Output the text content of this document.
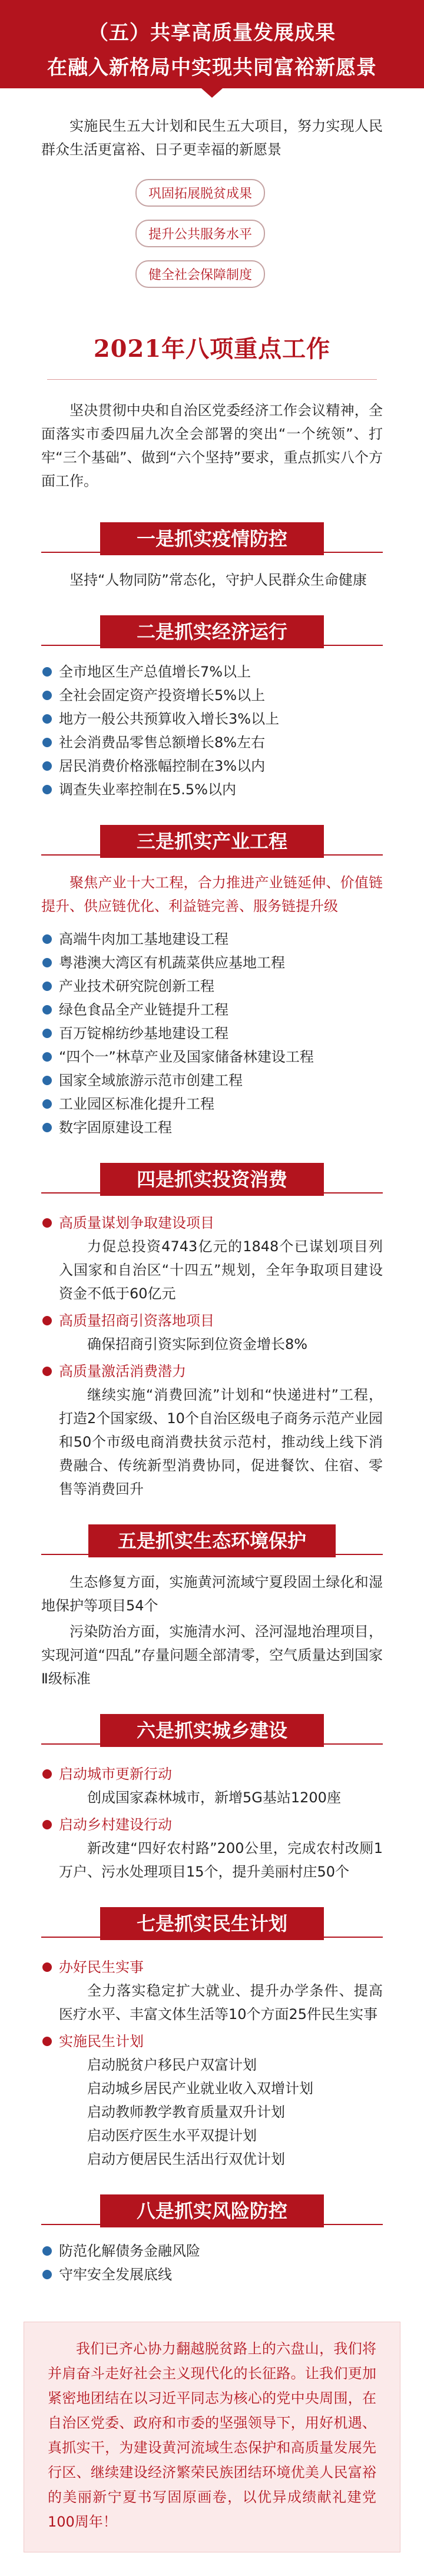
（五）共享高质量发展成果
在融入新格局中实现共同富裕新愿景
实施民生五大计划和民生五大项目，努力实现人民群众生活更富裕、日子更幸福的新愿景
巩固拓展脱贫成果
提升公共服务水平
健全社会保障制度
2021年八项重点工作
坚决贯彻中央和自治区党委经济工作会议精神，全面落实市委四届九次全会部署的突出“一个统领”、打牢“三个基础”、做到“六个坚持”要求，重点抓实八个方面工作。
一是抓实疫情防控
坚持“人物同防”常态化，守护人民群众生命健康
二是抓实经济运行
全市地区生产总值增长7%以上
全社会固定资产投资增长5%以上
地方一般公共预算收入增长3%以上
社会消费品零售总额增长8%左右
居民消费价格涨幅控制在3%以内
调查失业率控制在5.5%以内
三是抓实产业工程
聚焦产业十大工程，合力推进产业链延伸、价值链提升、供应链优化、利益链完善、服务链提升级
高端牛肉加工基地建设工程
粤港澳大湾区有机蔬菜供应基地工程
产业技术研究院创新工程
绿色食品全产业链提升工程
百万锭棉纺纱基地建设工程
“四个一”林草产业及国家储备林建设工程
国家全域旅游示范市创建工程
工业园区标准化提升工程
数字固原建设工程
四是抓实投资消费
高质量谋划争取建设项目
力促总投资4743亿元的1848个已谋划项目列入国家和自治区“十四五”规划，全年争取项目建设资金不低于60亿元
高质量招商引资落地项目
确保招商引资实际到位资金增长8%
高质量激活消费潜力
继续实施“消费回流”计划和“快递进村”工程，打造2个国家级、10个自治区级电子商务示范产业园和50个市级电商消费扶贫示范村，推动线上线下消费融合、传统新型消费协同，促进餐饮、住宿、零售等消费回升
五是抓实生态环境保护
生态修复方面，实施黄河流域宁夏段固土绿化和湿地保护等项目54个
污染防治方面，实施清水河、泾河湿地治理项目，实现河道“四乱”存量问题全部清零，空气质量达到国家Ⅱ级标准
六是抓实城乡建设
启动城市更新行动
创成国家森林城市，新增5G基站1200座
启动乡村建设行动
新改建“四好农村路”200公里，完成农村改厕1万户、污水处理项目15个，提升美丽村庄50个
七是抓实民生计划
办好民生实事
全力落实稳定扩大就业、提升办学条件、提高医疗水平、丰富文体生活等10个方面25件民生实事
实施民生计划
启动脱贫户移民户双富计划
启动城乡居民产业就业收入双增计划
启动教师教学教育质量双升计划
启动医疗医生水平双提计划
启动方便居民生活出行双优计划
八是抓实风险防控
防范化解债务金融风险
守牢安全发展底线
我们已齐心协力翻越脱贫路上的六盘山，我们将并肩奋斗走好社会主义现代化的长征路。让我们更加紧密地团结在以习近平同志为核心的党中央周围，在自治区党委、政府和市委的坚强领导下，用好机遇、真抓实干，为建设黄河流域生态保护和高质量发展先行区、继续建设经济繁荣民族团结环境优美人民富裕的美丽新宁夏书写固原画卷，以优异成绩献礼建党100周年！
